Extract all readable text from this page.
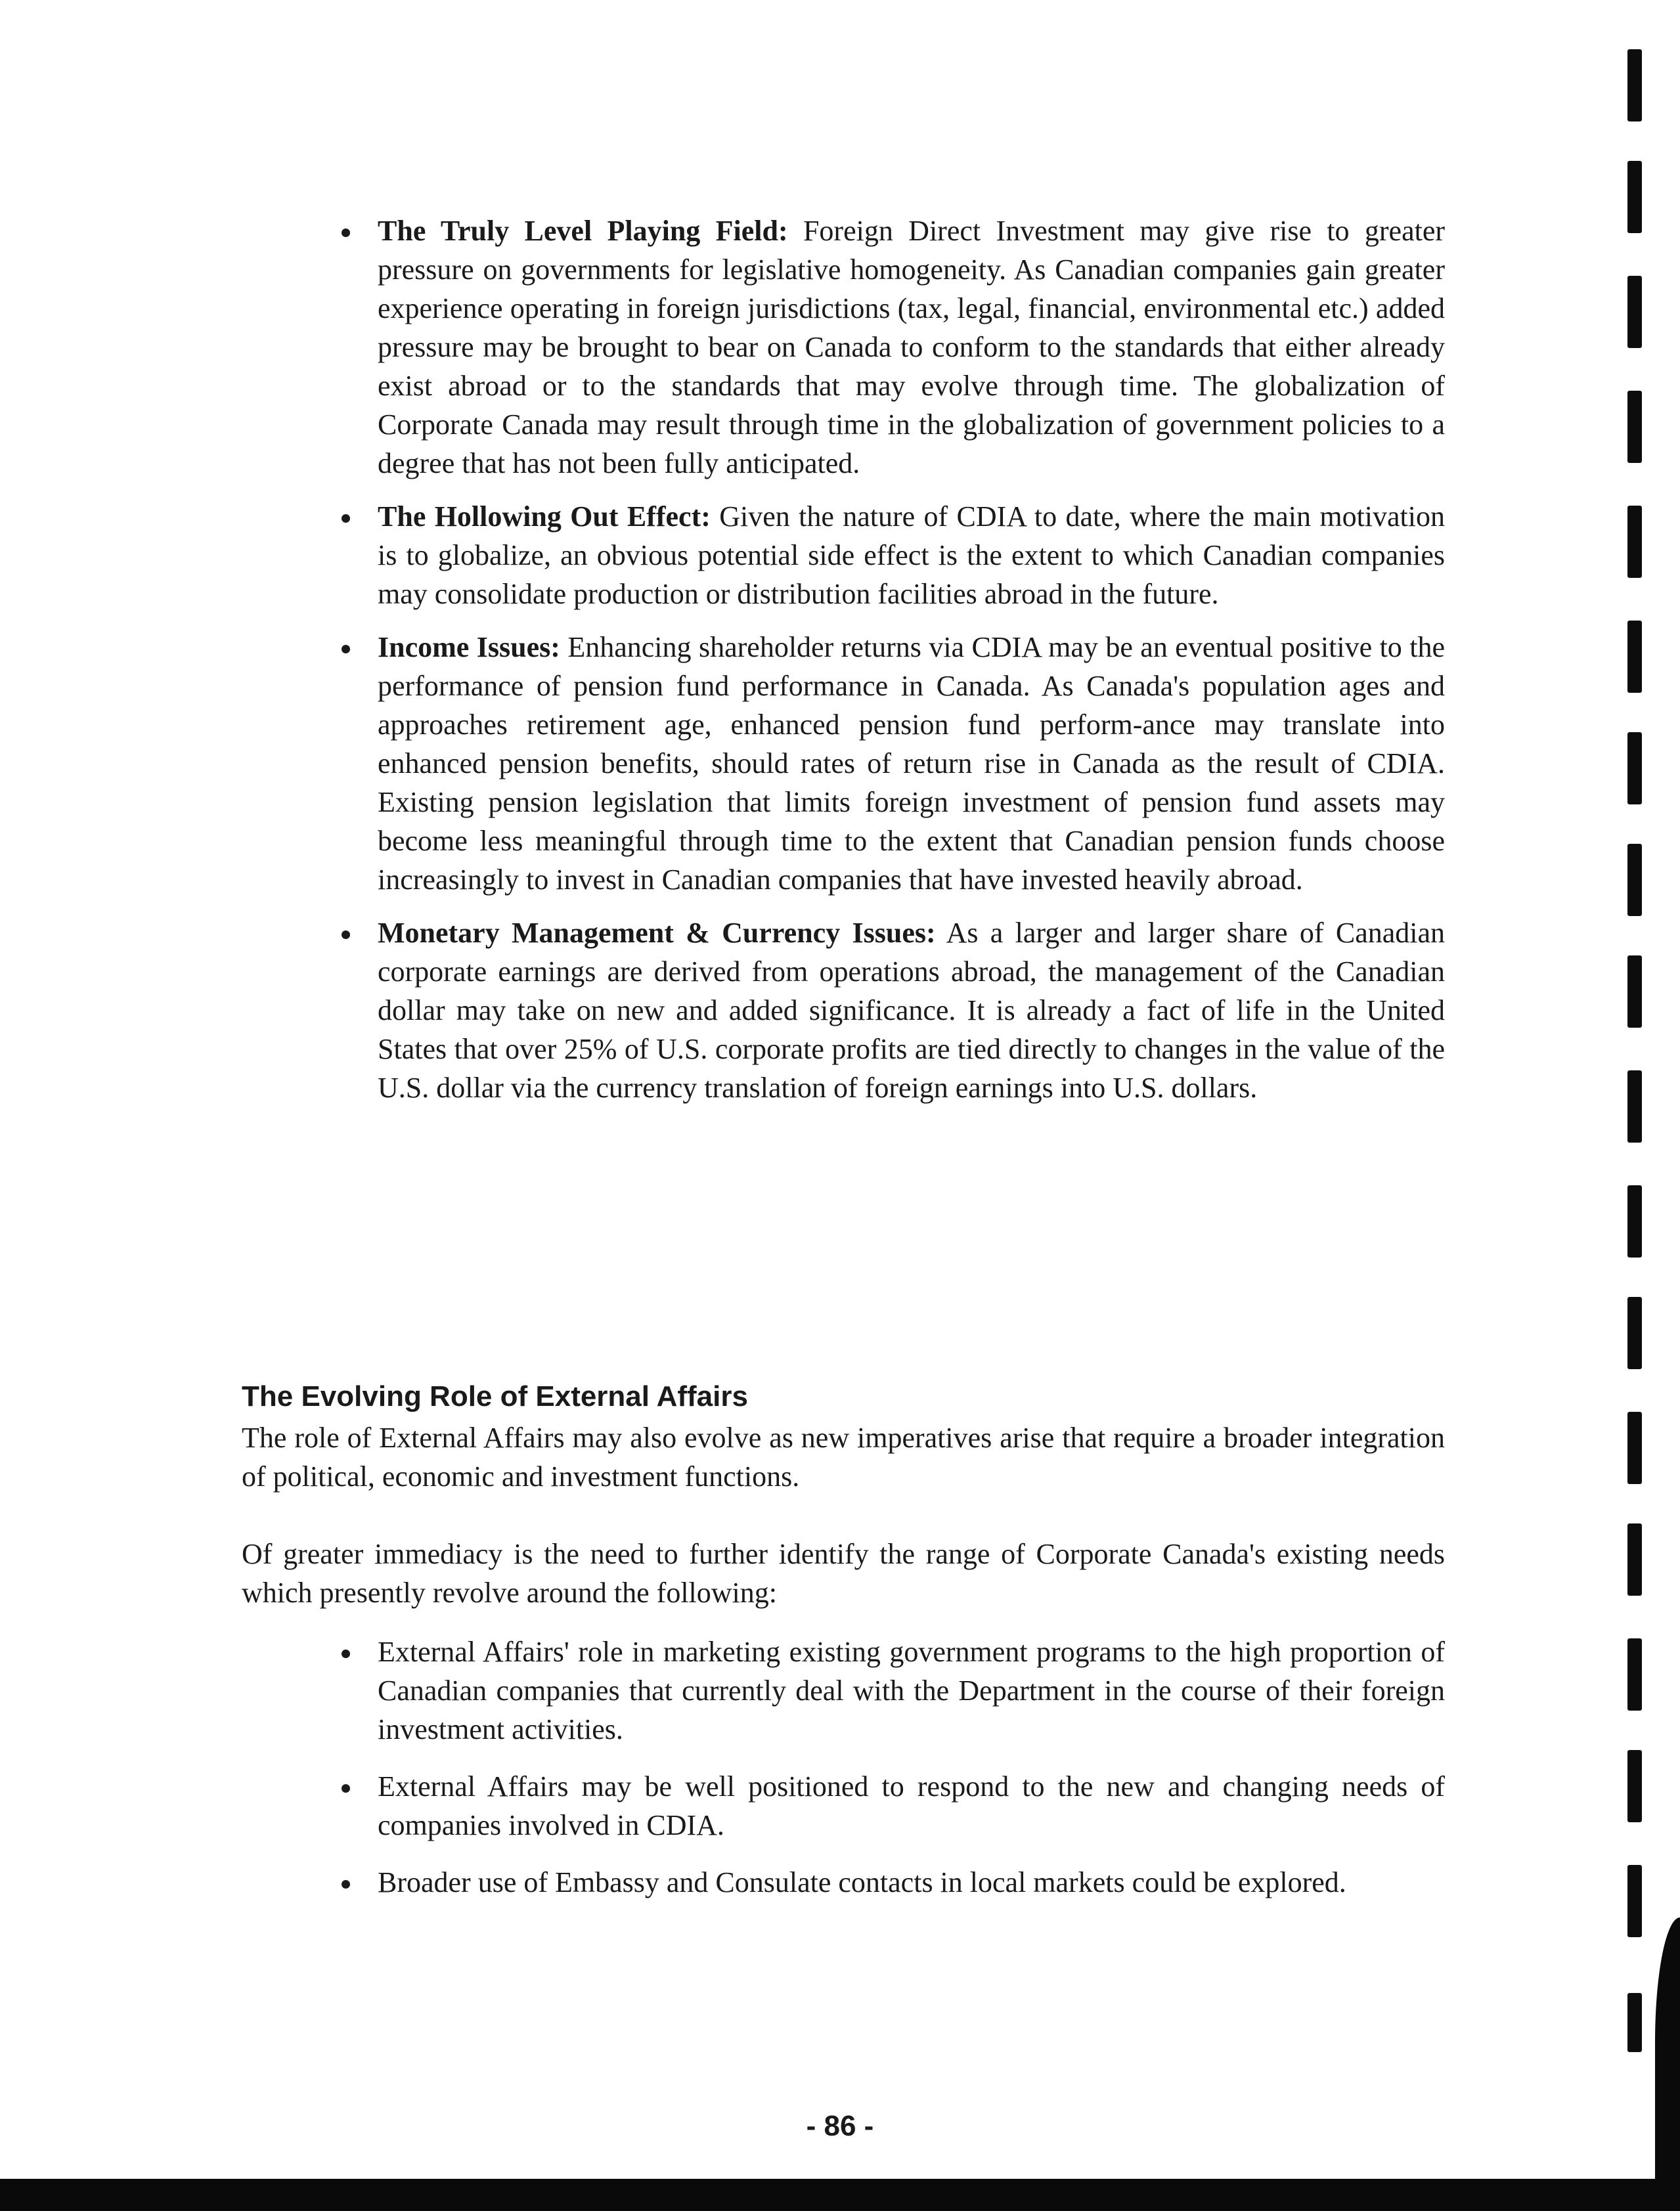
The Truly Level Playing Field: Foreign Direct Investment may give rise to greater pressure on governments for legislative homogeneity. As Canadian companies gain greater experience operating in foreign jurisdictions (tax, legal, financial, environmental etc.) added pressure may be brought to bear on Canada to conform to the standards that either already exist abroad or to the standards that may evolve through time. The globalization of Corporate Canada may result through time in the globalization of government policies to a degree that has not been fully anticipated.
The Hollowing Out Effect: Given the nature of CDIA to date, where the main motivation is to globalize, an obvious potential side effect is the extent to which Canadian companies may consolidate production or distribution facilities abroad in the future.
Income Issues: Enhancing shareholder returns via CDIA may be an eventual positive to the performance of pension fund performance in Canada. As Canada's population ages and approaches retirement age, enhanced pension fund perform-ance may translate into enhanced pension benefits, should rates of return rise in Canada as the result of CDIA. Existing pension legislation that limits foreign investment of pension fund assets may become less meaningful through time to the extent that Canadian pension funds choose increasingly to invest in Canadian companies that have invested heavily abroad.
Monetary Management & Currency Issues: As a larger and larger share of Canadian corporate earnings are derived from operations abroad, the management of the Canadian dollar may take on new and added significance. It is already a fact of life in the United States that over 25% of U.S. corporate profits are tied directly to changes in the value of the U.S. dollar via the currency translation of foreign earnings into U.S. dollars.
The Evolving Role of External Affairs

The role of External Affairs may also evolve as new imperatives arise that require a broader integration of political, economic and investment functions.

Of greater immediacy is the need to further identify the range of Corporate Canada's existing needs which presently revolve around the following:

External Affairs' role in marketing existing government programs to the high proportion of Canadian companies that currently deal with the Department in the course of their foreign investment activities.
External Affairs may be well positioned to respond to the new and changing needs of companies involved in CDIA.
Broader use of Embassy and Consulate contacts in local markets could be explored.
- 86 -
